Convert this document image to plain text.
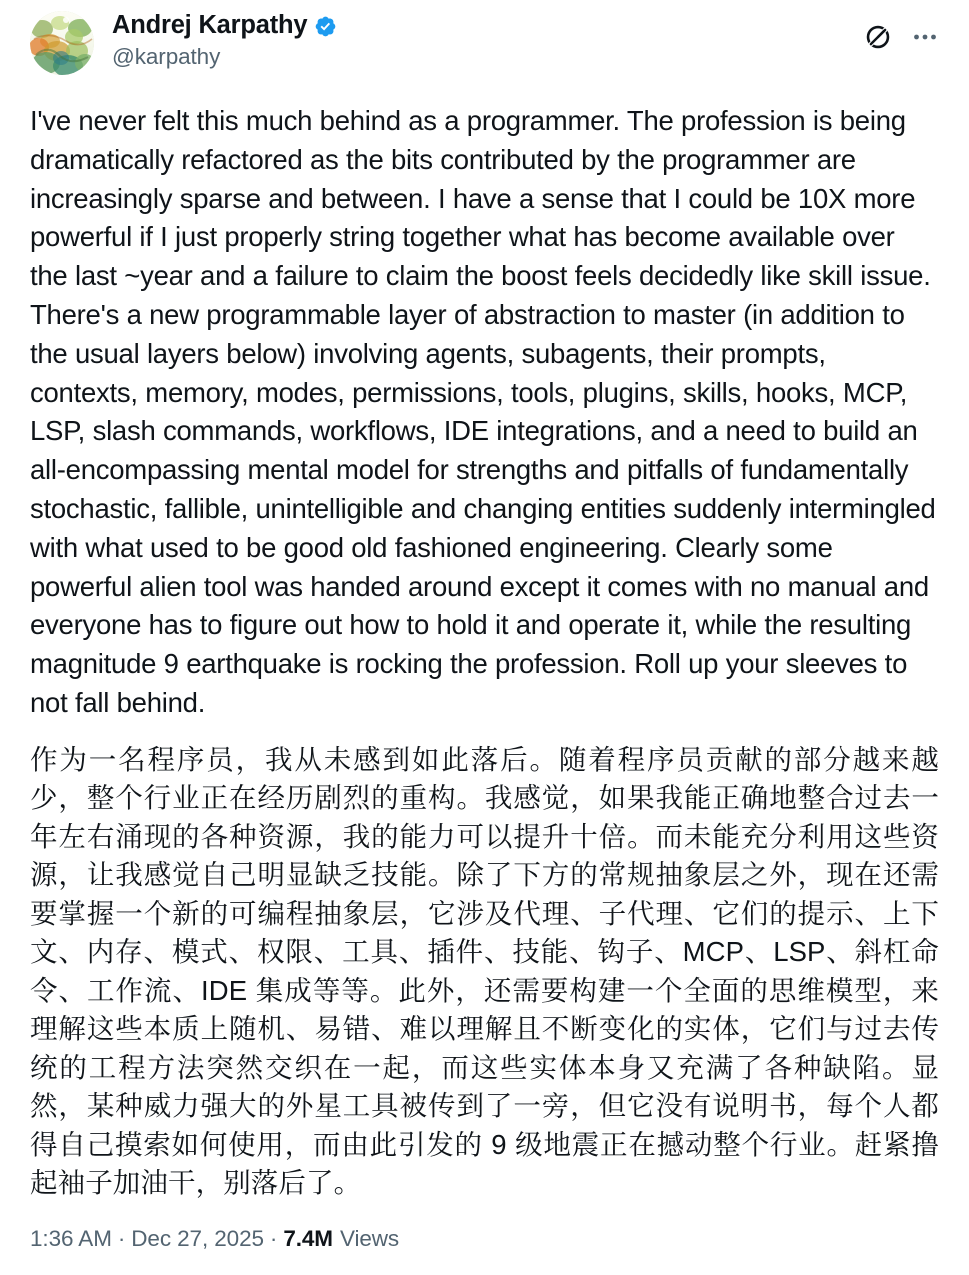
Andrej Karpathy
@karpathy

I've never felt this much behind as a programmer. The profession is being dramatically refactored as the bits contributed by the programmer are increasingly sparse and between. I have a sense that I could be 10X more powerful if I just properly string together what has become available over the last ~year and a failure to claim the boost feels decidedly like skill issue. There's a new programmable layer of abstraction to master (in addition to the usual layers below) involving agents, subagents, their prompts, contexts, memory, modes, permissions, tools, plugins, skills, hooks, MCP, LSP, slash commands, workflows, IDE integrations, and a need to build an all-encompassing mental model for strengths and pitfalls of fundamentally stochastic, fallible, unintelligible and changing entities suddenly intermingled with what used to be good old fashioned engineering. Clearly some powerful alien tool was handed around except it comes with no manual and everyone has to figure out how to hold it and operate it, while the resulting magnitude 9 earthquake is rocking the profession. Roll up your sleeves to not fall behind.

作为一名程序员，我从未感到如此落后。随着程序员贡献的部分越来越少，整个行业正在经历剧烈的重构。我感觉，如果我能正确地整合过去一年左右涌现的各种资源，我的能力可以提升十倍。而未能充分利用这些资源，让我感觉自己明显缺乏技能。除了下方的常规抽象层之外，现在还需要掌握一个新的可编程抽象层，它涉及代理、子代理、它们的提示、上下文、内存、模式、权限、工具、插件、技能、钩子、MCP、LSP、斜杠命令、工作流、IDE 集成等等。此外，还需要构建一个全面的思维模型，来理解这些本质上随机、易错、难以理解且不断变化的实体，它们与过去传统的工程方法突然交织在一起，而这些实体本身又充满了各种缺陷。显然，某种威力强大的外星工具被传到了一旁，但它没有说明书，每个人都得自己摸索如何使用，而由此引发的 9 级地震正在撼动整个行业。赶紧撸起袖子加油干，别落后了。

1:36 AM · Dec 27, 2025 · 7.4M Views
